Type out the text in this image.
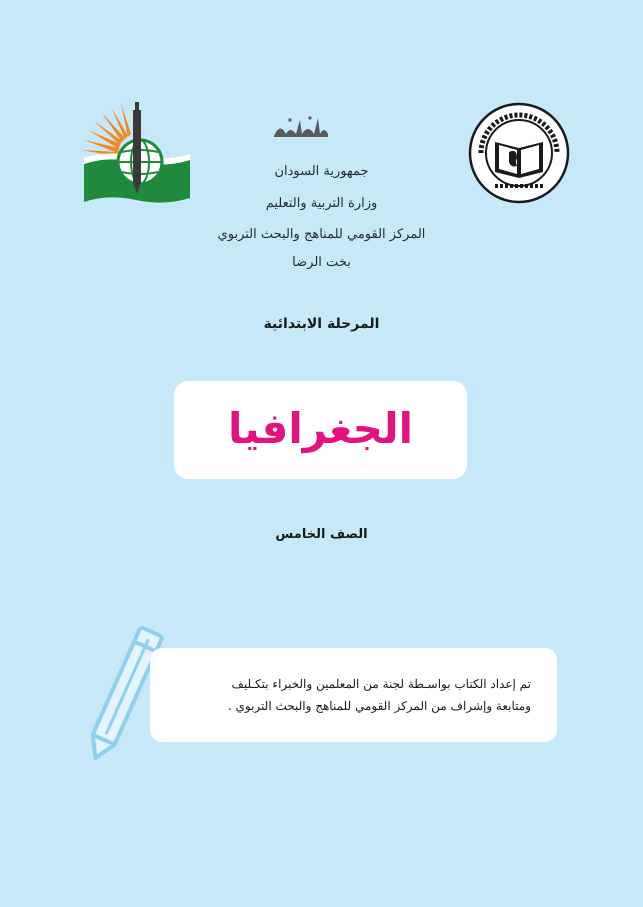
جمهورية السودان
وزارة التربية والتعليم
المركز القومي للمناهج والبحث التربوي
بخت الرضا
المرحلة الابتدائية
الجغرافيا
الصف الخامس
تم إعداد الكتاب بواسـطة لجنة من المعلمين والخبراء بتكـليف
ومتابعة وإشراف من المركز القومي للمناهج والبحث التربوي .
